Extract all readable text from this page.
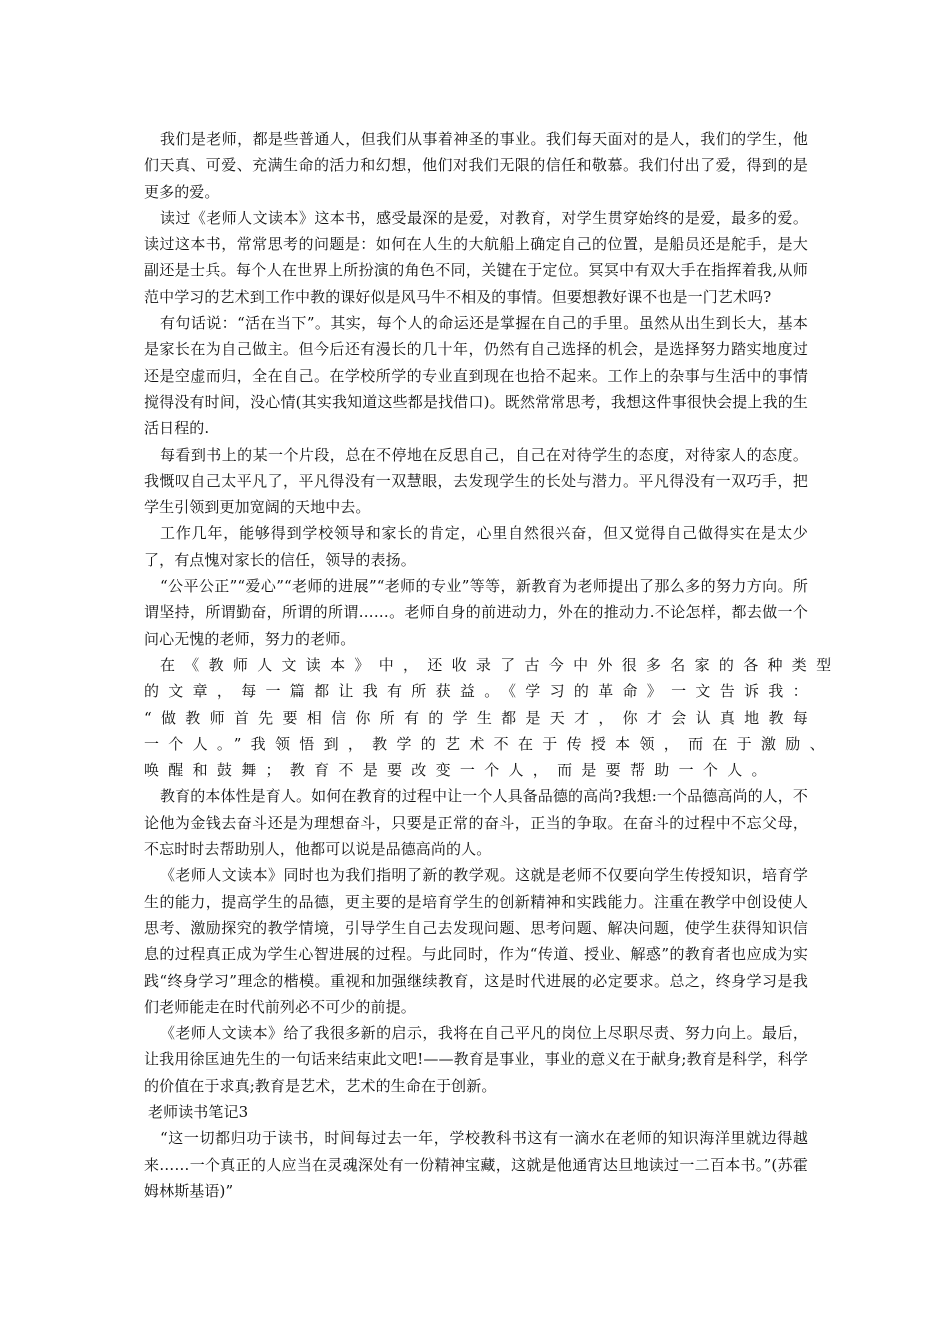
我们是老师，都是些普通人，但我们从事着神圣的事业。我们每天面对的是人，我们的学生，他们天真、可爱、充满生命的活力和幻想，他们对我们无限的信任和敬慕。我们付出了爱，得到的是更多的爱。

读过《老师人文读本》这本书，感受最深的是爱，对教育，对学生贯穿始终的是爱，最多的爱。读过这本书，常常思考的问题是：如何在人生的大航船上确定自己的位置，是船员还是舵手，是大副还是士兵。每个人在世界上所扮演的角色不同，关键在于定位。冥冥中有双大手在指挥着我,从师范中学习的艺术到工作中教的课好似是风马牛不相及的事情。但要想教好课不也是一门艺术吗?

有句话说：“活在当下”。其实，每个人的命运还是掌握在自己的手里。虽然从出生到长大，基本是家长在为自己做主。但今后还有漫长的几十年，仍然有自己选择的机会，是选择努力踏实地度过还是空虚而归，全在自己。在学校所学的专业直到现在也拾不起来。工作上的杂事与生活中的事情搅得没有时间，没心情(其实我知道这些都是找借口)。既然常常思考，我想这件事很快会提上我的生活日程的.

每看到书上的某一个片段，总在不停地在反思自己，自己在对待学生的态度，对待家人的态度。我慨叹自己太平凡了，平凡得没有一双慧眼，去发现学生的长处与潜力。平凡得没有一双巧手，把学生引领到更加宽阔的天地中去。

工作几年，能够得到学校领导和家长的肯定，心里自然很兴奋，但又觉得自己做得实在是太少了，有点愧对家长的信任，领导的表扬。

“公平公正”“爱心”“老师的进展”“老师的专业”等等，新教育为老师提出了那么多的努力方向。所谓坚持，所谓勤奋，所谓的所谓……。老师自身的前进动力，外在的推动力.不论怎样，都去做一个问心无愧的老师，努力的老师。

在《教师人文读本》中，还收录了古今中外很多名家的各种类型
的文章，每一篇都让我有所获益。《学习的革命》一文告诉我：
“做教师首先要相信你所有的学生都是天才，你才会认真地教每
一个人。”我领悟到，教学的艺术不在于传授本领，而在于激励、
唤醒和鼓舞；教育不是要改变一个人，而是要帮助一个人。

教育的本体性是育人。如何在教育的过程中让一个人具备品德的高尚?我想:一个品德高尚的人，不论他为金钱去奋斗还是为理想奋斗，只要是正常的奋斗，正当的争取。在奋斗的过程中不忘父母，不忘时时去帮助别人，他都可以说是品德高尚的人。

《老师人文读本》同时也为我们指明了新的教学观。这就是老师不仅要向学生传授知识，培育学生的能力，提高学生的品德，更主要的是培育学生的创新精神和实践能力。注重在教学中创设使人思考、激励探究的教学情境，引导学生自己去发现问题、思考问题、解决问题，使学生获得知识信息的过程真正成为学生心智进展的过程。与此同时，作为“传道、授业、解惑”的教育者也应成为实践“终身学习”理念的楷模。重视和加强继续教育，这是时代进展的必定要求。总之，终身学习是我们老师能走在时代前列必不可少的前提。

《老师人文读本》给了我很多新的启示，我将在自己平凡的岗位上尽职尽责、努力向上。最后，让我用徐匡迪先生的一句话来结束此文吧!——教育是事业，事业的意义在于献身;教育是科学，科学的价值在于求真;教育是艺术，艺术的生命在于创新。

老师读书笔记3

“这一切都归功于读书，时间每过去一年，学校教科书这有一滴水在老师的知识海洋里就边得越来……一个真正的人应当在灵魂深处有一份精神宝藏，这就是他通宵达旦地读过一二百本书。”(苏霍姆林斯基语)”
